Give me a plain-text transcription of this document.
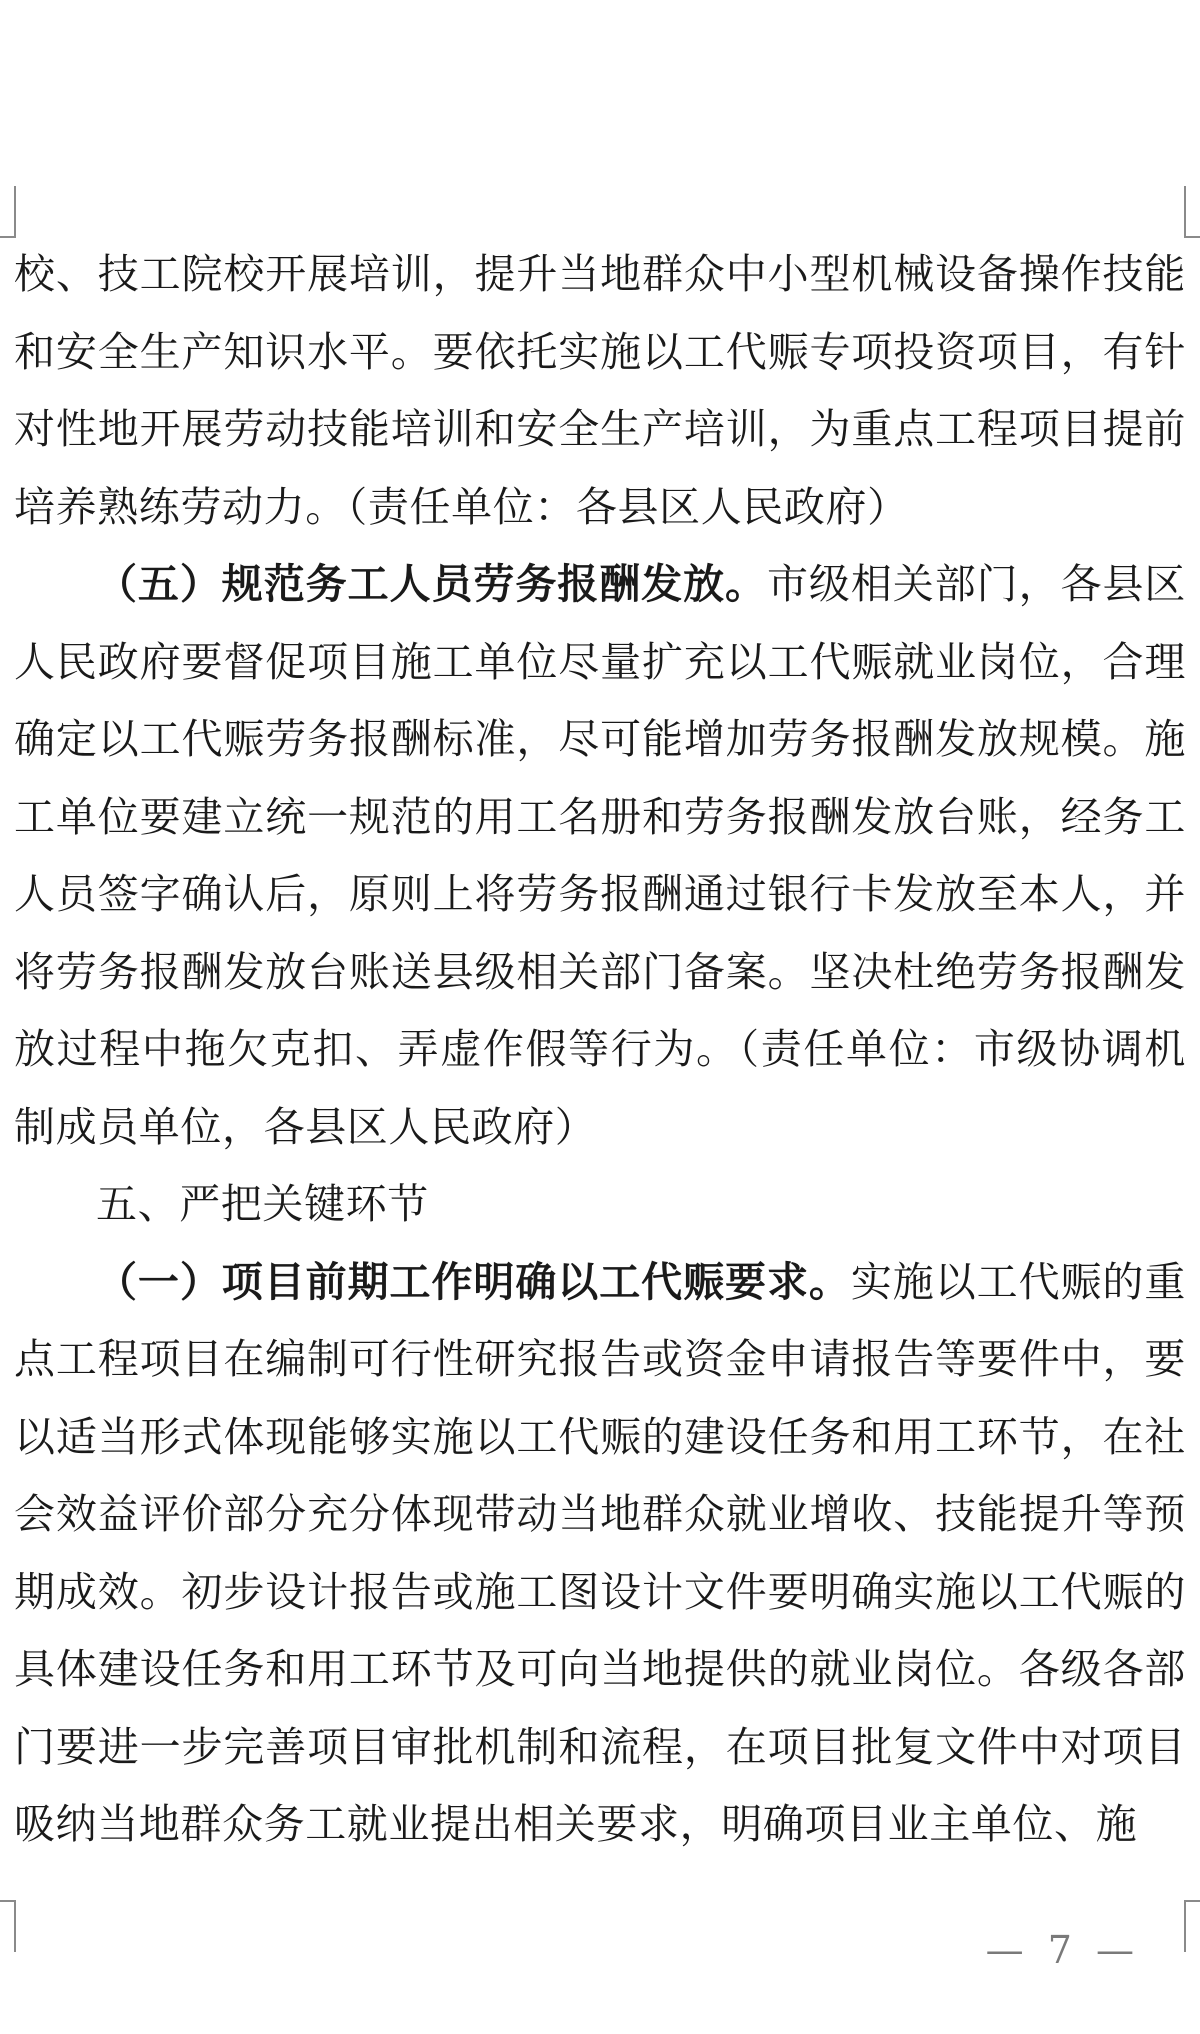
校、技工院校开展培训，提升当地群众中小型机械设备操作技能和安全生产知识水平。要依托实施以工代赈专项投资项目，有针对性地开展劳动技能培训和安全生产培训，为重点工程项目提前培养熟练劳动力。（责任单位：各县区人民政府）

（五）规范务工人员劳务报酬发放。市级相关部门，各县区人民政府要督促项目施工单位尽量扩充以工代赈就业岗位，合理确定以工代赈劳务报酬标准，尽可能增加劳务报酬发放规模。施工单位要建立统一规范的用工名册和劳务报酬发放台账，经务工人员签字确认后，原则上将劳务报酬通过银行卡发放至本人，并将劳务报酬发放台账送县级相关部门备案。坚决杜绝劳务报酬发放过程中拖欠克扣、弄虚作假等行为。（责任单位：市级协调机制成员单位，各县区人民政府）

五、严把关键环节

（一）项目前期工作明确以工代赈要求。实施以工代赈的重点工程项目在编制可行性研究报告或资金申请报告等要件中，要以适当形式体现能够实施以工代赈的建设任务和用工环节，在社会效益评价部分充分体现带动当地群众就业增收、技能提升等预期成效。初步设计报告或施工图设计文件要明确实施以工代赈的具体建设任务和用工环节及可向当地提供的就业岗位。各级各部门要进一步完善项目审批机制和流程，在项目批复文件中对项目吸纳当地群众务工就业提出相关要求，明确项目业主单位、施

— 7 —
